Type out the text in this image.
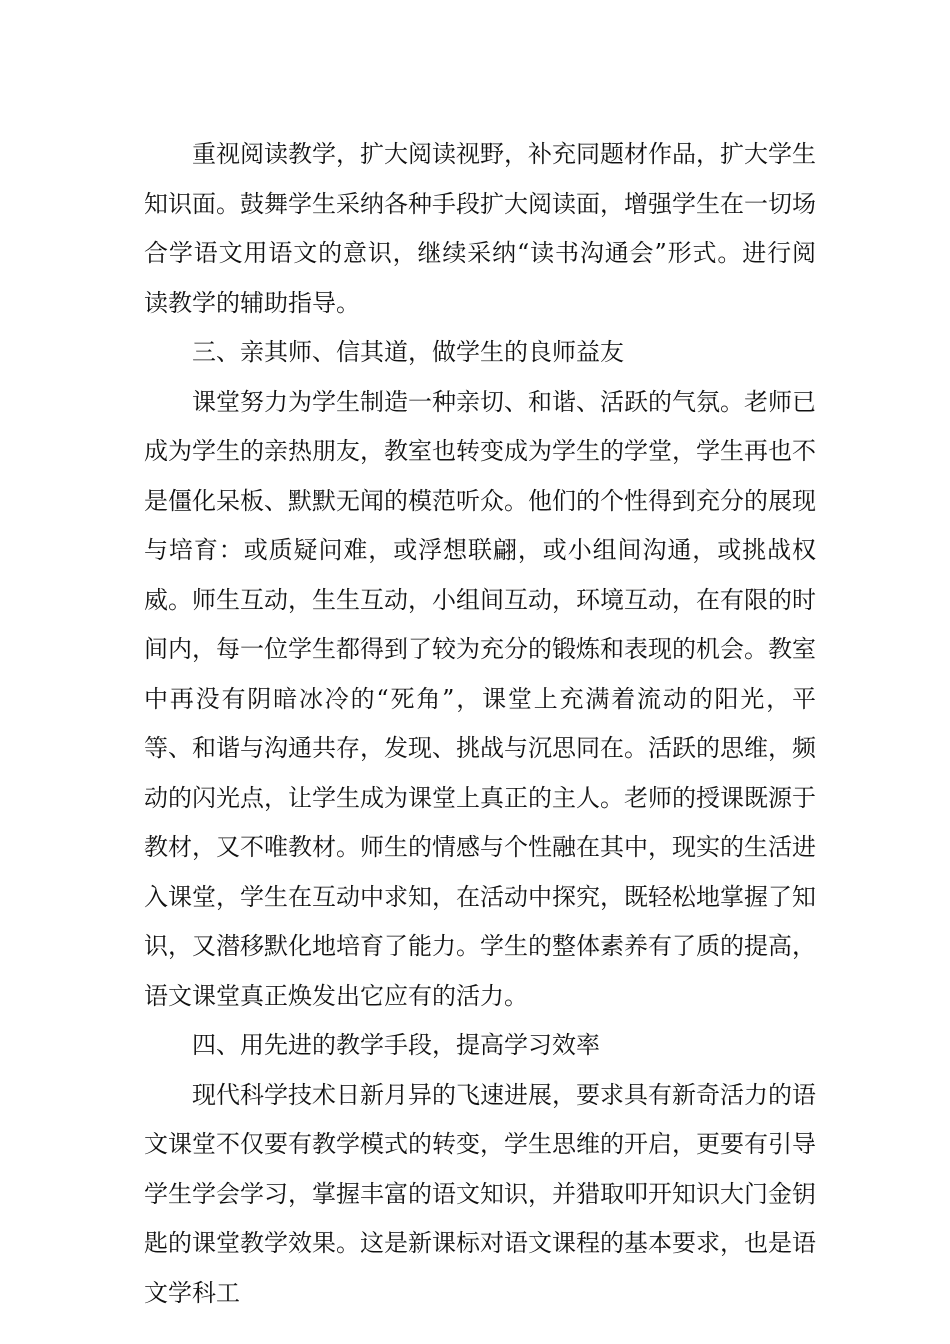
重视阅读教学，扩大阅读视野，补充同题材作品，扩大学生知识面。鼓舞学生采纳各种手段扩大阅读面，增强学生在一切场合学语文用语文的意识，继续采纳“读书沟通会”形式。进行阅读教学的辅助指导。

三、亲其师、信其道，做学生的良师益友

课堂努力为学生制造一种亲切、和谐、活跃的气氛。老师已成为学生的亲热朋友，教室也转变成为学生的学堂，学生再也不是僵化呆板、默默无闻的模范听众。他们的个性得到充分的展现与培育：或质疑问难，或浮想联翩，或小组间沟通，或挑战权威。师生互动，生生互动，小组间互动，环境互动，在有限的时间内，每一位学生都得到了较为充分的锻炼和表现的机会。教室中再没有阴暗冰冷的“死角”，课堂上充满着流动的阳光，平等、和谐与沟通共存，发现、挑战与沉思同在。活跃的思维，频动的闪光点，让学生成为课堂上真正的主人。老师的授课既源于教材，又不唯教材。师生的情感与个性融在其中，现实的生活进入课堂，学生在互动中求知，在活动中探究，既轻松地掌握了知识，又潜移默化地培育了能力。学生的整体素养有了质的提高，语文课堂真正焕发出它应有的活力。

四、用先进的教学手段，提高学习效率

现代科学技术日新月异的飞速进展，要求具有新奇活力的语文课堂不仅要有教学模式的转变，学生思维的开启，更要有引导学生学会学习，掌握丰富的语文知识，并猎取叩开知识大门金钥匙的课堂教学效果。这是新课标对语文课程的基本要求，也是语文学科工
